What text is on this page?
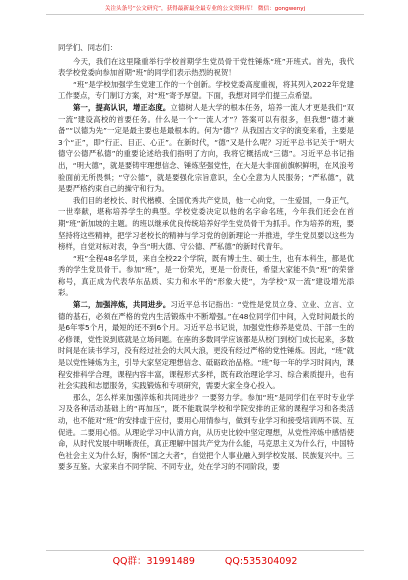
关注头条号“公文研究”，获得最新最全最专业的公文资料库！ 微信：gongwenyj

同学们、同志们：

今天，我们在这里隆重举行学校首期学生党员骨干党性锤炼“班”开班式。首先，我代表学校党委向参加首期“班”的同学们表示热烈的祝贺！

“班”是学校加强学生党建工作的一个创新。学校党委高度重视，将其列入2022年党建工作要点，专门制订方案，对“班”寄予厚望。下面，我想对同学们提三点希望。

第一，提高认识，增正态度。立德树人是大学的根本任务，培养一流人才更是我们“双一流”建设高校的首要任务。什么是一个“一流人才”？答案可以有很多，但我想“德才兼备”“以德为先”一定是最主要也是最根本的。何为“德”？从我国古文字的演变来看，主要是3个“正”，即“行正、目正、心正”。在新时代，“德”又是什么呢？习近平总书记关于“明大德守公德严私德”的重要论述给我们指明了方向，我将它概括成“三德”。习近平总书记指出，“明大德”，就是要铸牢理想信念、锤炼坚强党性，在大是大非面前旗帜鲜明，在风浪考验面前无所畏惧；“守公德”，就是要强化宗旨意识，全心全意为人民服务；“严私德”，就是要严格约束自己的操守和行为。

我们目的老校长、时代楷模、全国优秀共产党员，他一心向党，一生爱国，一身正气，一世奉献，堪称培养学生的典型。学校党委决定以他的名字命名班，今年我们还会在首期“班”新加坡的主题。的班以继承优良传统培养好学生党员骨干为抓手。作为培养的班，要坚持将这些精神，把学习老校长的精神与学习党的创新理论一并推进，学生党员要以这些为榜样，自觉对标对表，争当“明大德、守公德、严私德”的新时代青年。

“班”全程48名学员，来自全校22个学院，既有博士生、硕士生，也有本科生，都是优秀的学生党员骨干。参加“班”，是一份荣光，更是一份责任，希望大家能不负“班”的荣誉称号，真正成为代表华东品质、实力和水平的“形象大使”，为学校“双一流”建设增光添彩。

第二，加强淬炼，共同进步。习近平总书记指出：“党性是党员立身、立业、立言、立德的基石，必须在严格的党内生活锻炼中不断增强。”在48位同学们中间，入党时间最长的是6年零5个月，最短的还不到6个月。习近平总书记说，加强党性修养是党员、干部一生的必修课，党性说到底就是立场问题。在座的多数同学应该都是从校门到校门成长起来，多数时间是在读书学习，没有经过社会的大风大浪，更没有经过严格的党性锤炼。因此，“班”就是以党性锤炼为主，引导大家坚定理想信念、砥砺政治品格。“班”每一年的学习时间内，课程安排科学合理，课程内容丰富，课程形式多样，既有政治理论学习、综合素质提升，也有社会实践和志愿服务，实践锻炼和专项研究，需要大家全身心投入。

那么，怎么样来加强淬炼和共同进步？一要努力学。参加“班”是同学们在平时专业学习及各种活动基础上的“再加压”，既不能耽误学校和学院安排的正常的课程学习和各类活动，也不能对“班”的安排虚于应付，要用心用情参与，做到专业学习和接受培训两不误、互促进。二要用心悟。从理论学习中认清方向，从历史比较中坚定理想，从党性淬炼中感悟使命，从时代发展中明晰责任，真正理解中国共产党为什么能，马克思主义为什么行，中国特色社会主义为什么好，胸怀“国之大者”，自觉把个人事业融入到学校发展、民族复兴中。三要多互鉴。大家来自不同学院、不同专业，处在学习的不同阶段，要

QQ群：31991489	QQ:535304092
